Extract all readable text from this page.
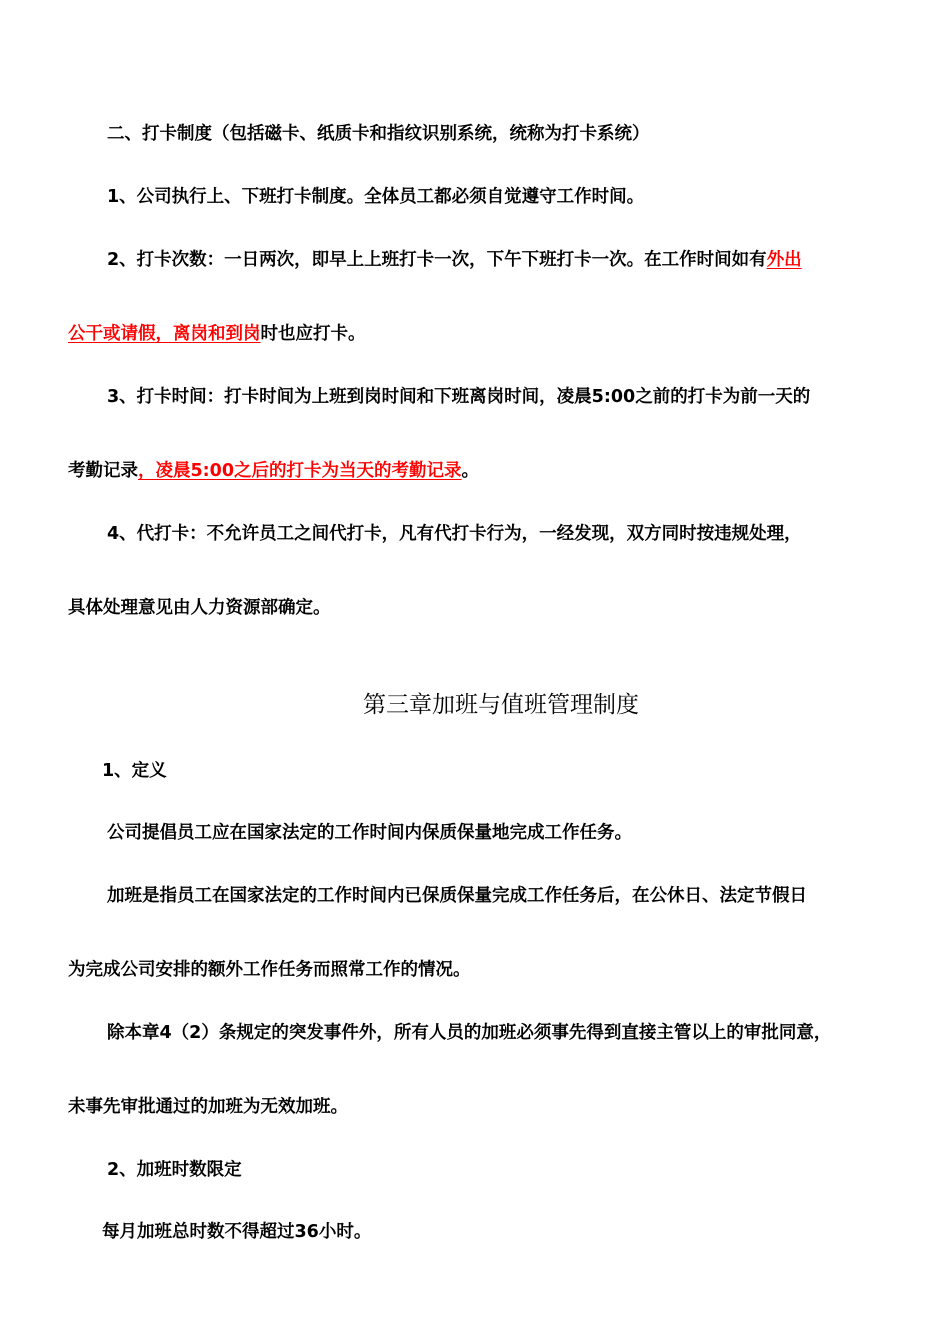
二、打卡制度（包括磁卡、纸质卡和指纹识别系统，统称为打卡系统）
1、公司执行上、下班打卡制度。全体员工都必须自觉遵守工作时间。
2、打卡次数：一日两次，即早上上班打卡一次，下午下班打卡一次。在工作时间如有外出
公干或请假，离岗和到岗时也应打卡。
3、打卡时间：打卡时间为上班到岗时间和下班离岗时间，凌晨5:00之前的打卡为前一天的
考勤记录，凌晨5:00之后的打卡为当天的考勤记录。
4、代打卡：不允许员工之间代打卡，凡有代打卡行为，一经发现，双方同时按违规处理，
具体处理意见由人力资源部确定。
第三章加班与值班管理制度
1、定义
公司提倡员工应在国家法定的工作时间内保质保量地完成工作任务。
加班是指员工在国家法定的工作时间内已保质保量完成工作任务后，在公休日、法定节假日
为完成公司安排的额外工作任务而照常工作的情况。
除本章4（2）条规定的突发事件外，所有人员的加班必须事先得到直接主管以上的审批同意，
未事先审批通过的加班为无效加班。
2、加班时数限定
每月加班总时数不得超过36小时。
